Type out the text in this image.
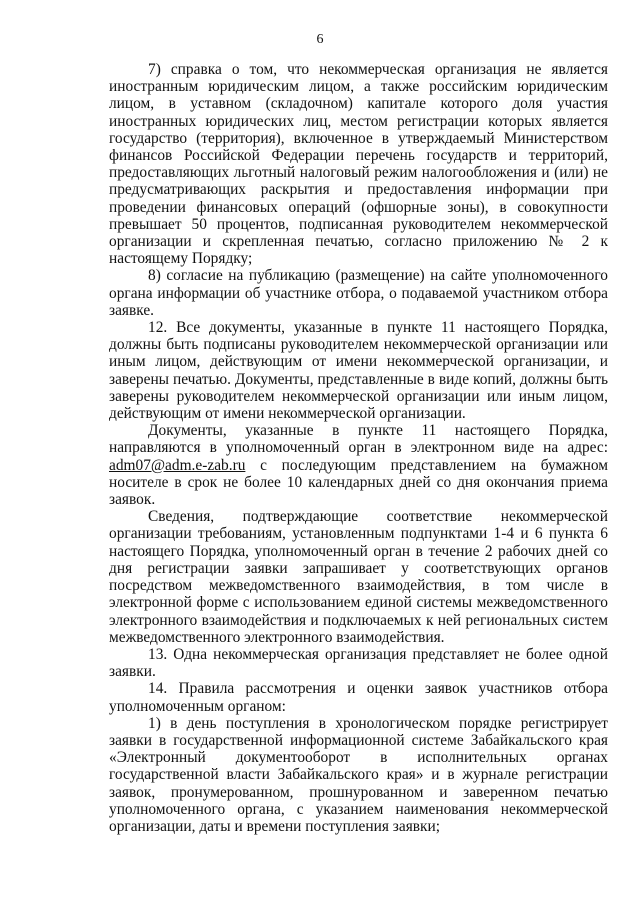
6

7) справка о том, что некоммерческая организация не является иностранным юридическим лицом, а также российским юридическим лицом, в уставном (складочном) капитале которого доля участия иностранных юридических лиц, местом регистрации которых является государство (территория), включенное в утверждаемый Министерством финансов Российской Федерации перечень государств и территорий, предоставляющих льготный налоговый режим налогообложения и (или) не предусматривающих раскрытия и предоставления информации при проведении финансовых операций (офшорные зоны), в совокупности превышает 50 процентов, подписанная руководителем некоммерческой организации и скрепленная печатью, согласно приложению № 2 к настоящему Порядку;

8) согласие на публикацию (размещение) на сайте уполномоченного органа информации об участнике отбора, о подаваемой участником отбора заявке.

12. Все документы, указанные в пункте 11 настоящего Порядка, должны быть подписаны руководителем некоммерческой организации или иным лицом, действующим от имени некоммерческой организации, и заверены печатью. Документы, представленные в виде копий, должны быть заверены руководителем некоммерческой организации или иным лицом, действующим от имени некоммерческой организации.

Документы, указанные в пункте 11 настоящего Порядка, направляются в уполномоченный орган в электронном виде на адрес: adm07@adm.e-zab.ru с последующим представлением на бумажном носителе в срок не более 10 календарных дней со дня окончания приема заявок.

Сведения, подтверждающие соответствие некоммерческой организации требованиям, установленным подпунктами 1-4 и 6 пункта 6 настоящего Порядка, уполномоченный орган в течение 2 рабочих дней со дня регистрации заявки запрашивает у соответствующих органов посредством межведомственного взаимодействия, в том числе в электронной форме с использованием единой системы межведомственного электронного взаимодействия и подключаемых к ней региональных систем межведомственного электронного взаимодействия.

13. Одна некоммерческая организация представляет не более одной заявки.

14. Правила рассмотрения и оценки заявок участников отбора уполномоченным органом:

1) в день поступления в хронологическом порядке регистрирует заявки в государственной информационной системе Забайкальского края «Электронный документооборот в исполнительных органах государственной власти Забайкальского края» и в журнале регистрации заявок, пронумерованном, прошнурованном и заверенном печатью уполномоченного органа, с указанием наименования некоммерческой организации, даты и времени поступления заявки;
